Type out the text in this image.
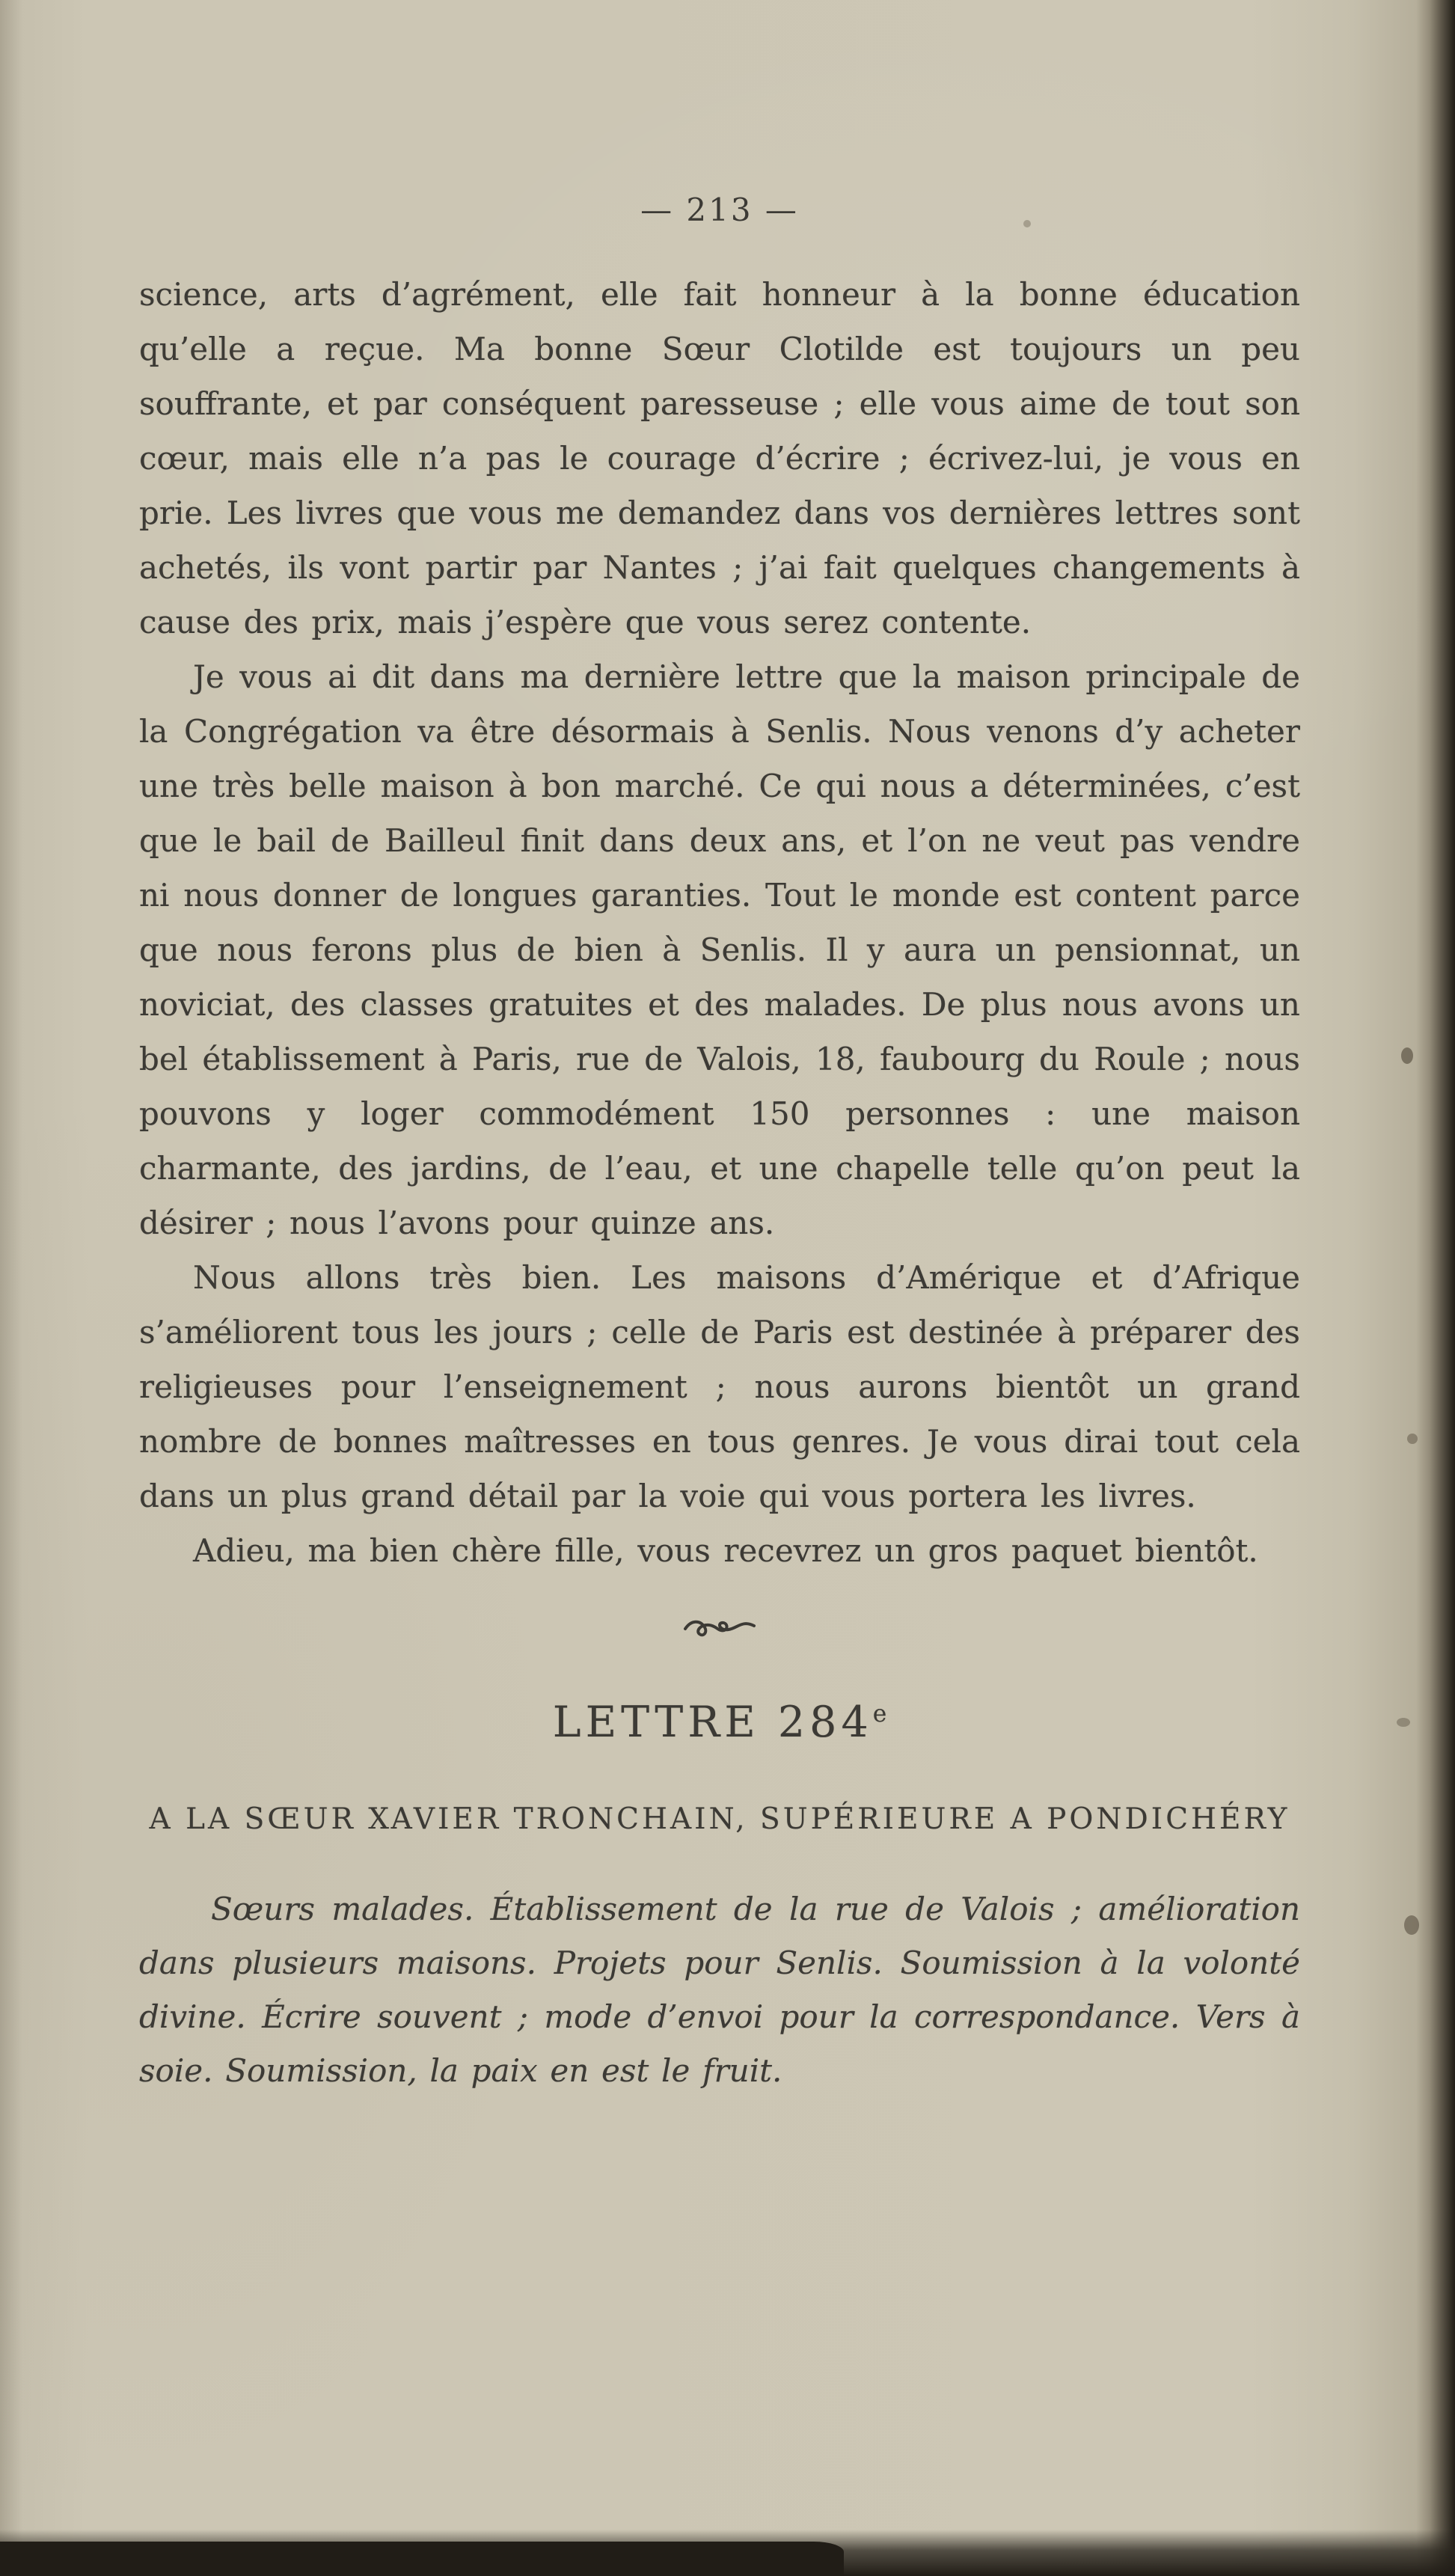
— 213 —

science, arts d’agrément, elle fait honneur à la bonne éducation qu’elle a reçue. Ma bonne Sœur Clotilde est toujours un peu souffrante, et par conséquent paresseuse ; elle vous aime de tout son cœur, mais elle n’a pas le courage d’écrire ; écrivez-lui, je vous en prie. Les livres que vous me demandez dans vos dernières lettres sont achetés, ils vont partir par Nantes ; j’ai fait quelques changements à cause des prix, mais j’espère que vous serez contente.

Je vous ai dit dans ma dernière lettre que la maison principale de la Congrégation va être désormais à Senlis. Nous venons d’y acheter une très belle maison à bon marché. Ce qui nous a déterminées, c’est que le bail de Bailleul finit dans deux ans, et l’on ne veut pas vendre ni nous donner de longues garanties. Tout le monde est content parce que nous ferons plus de bien à Senlis. Il y aura un pensionnat, un noviciat, des classes gratuites et des malades. De plus nous avons un bel établissement à Paris, rue de Valois, 18, faubourg du Roule ; nous pouvons y loger commodément 150 personnes : une maison charmante, des jardins, de l’eau, et une chapelle telle qu’on peut la désirer ; nous l’avons pour quinze ans.

Nous allons très bien. Les maisons d’Amérique et d’Afrique s’améliorent tous les jours ; celle de Paris est destinée à préparer des religieuses pour l’enseignement ; nous aurons bientôt un grand nombre de bonnes maîtresses en tous genres. Je vous dirai tout cela dans un plus grand détail par la voie qui vous portera les livres.

Adieu, ma bien chère fille, vous recevrez un gros paquet bientôt.

LETTRE 284e
A LA SŒUR XAVIER TRONCHAIN, SUPÉRIEURE A PONDICHÉRY

Sœurs malades. Établissement de la rue de Valois ; amélioration dans plusieurs maisons. Projets pour Senlis. Soumission à la volonté divine. Écrire souvent ; mode d’envoi pour la correspondance. Vers à soie. Soumission, la paix en est le fruit.
